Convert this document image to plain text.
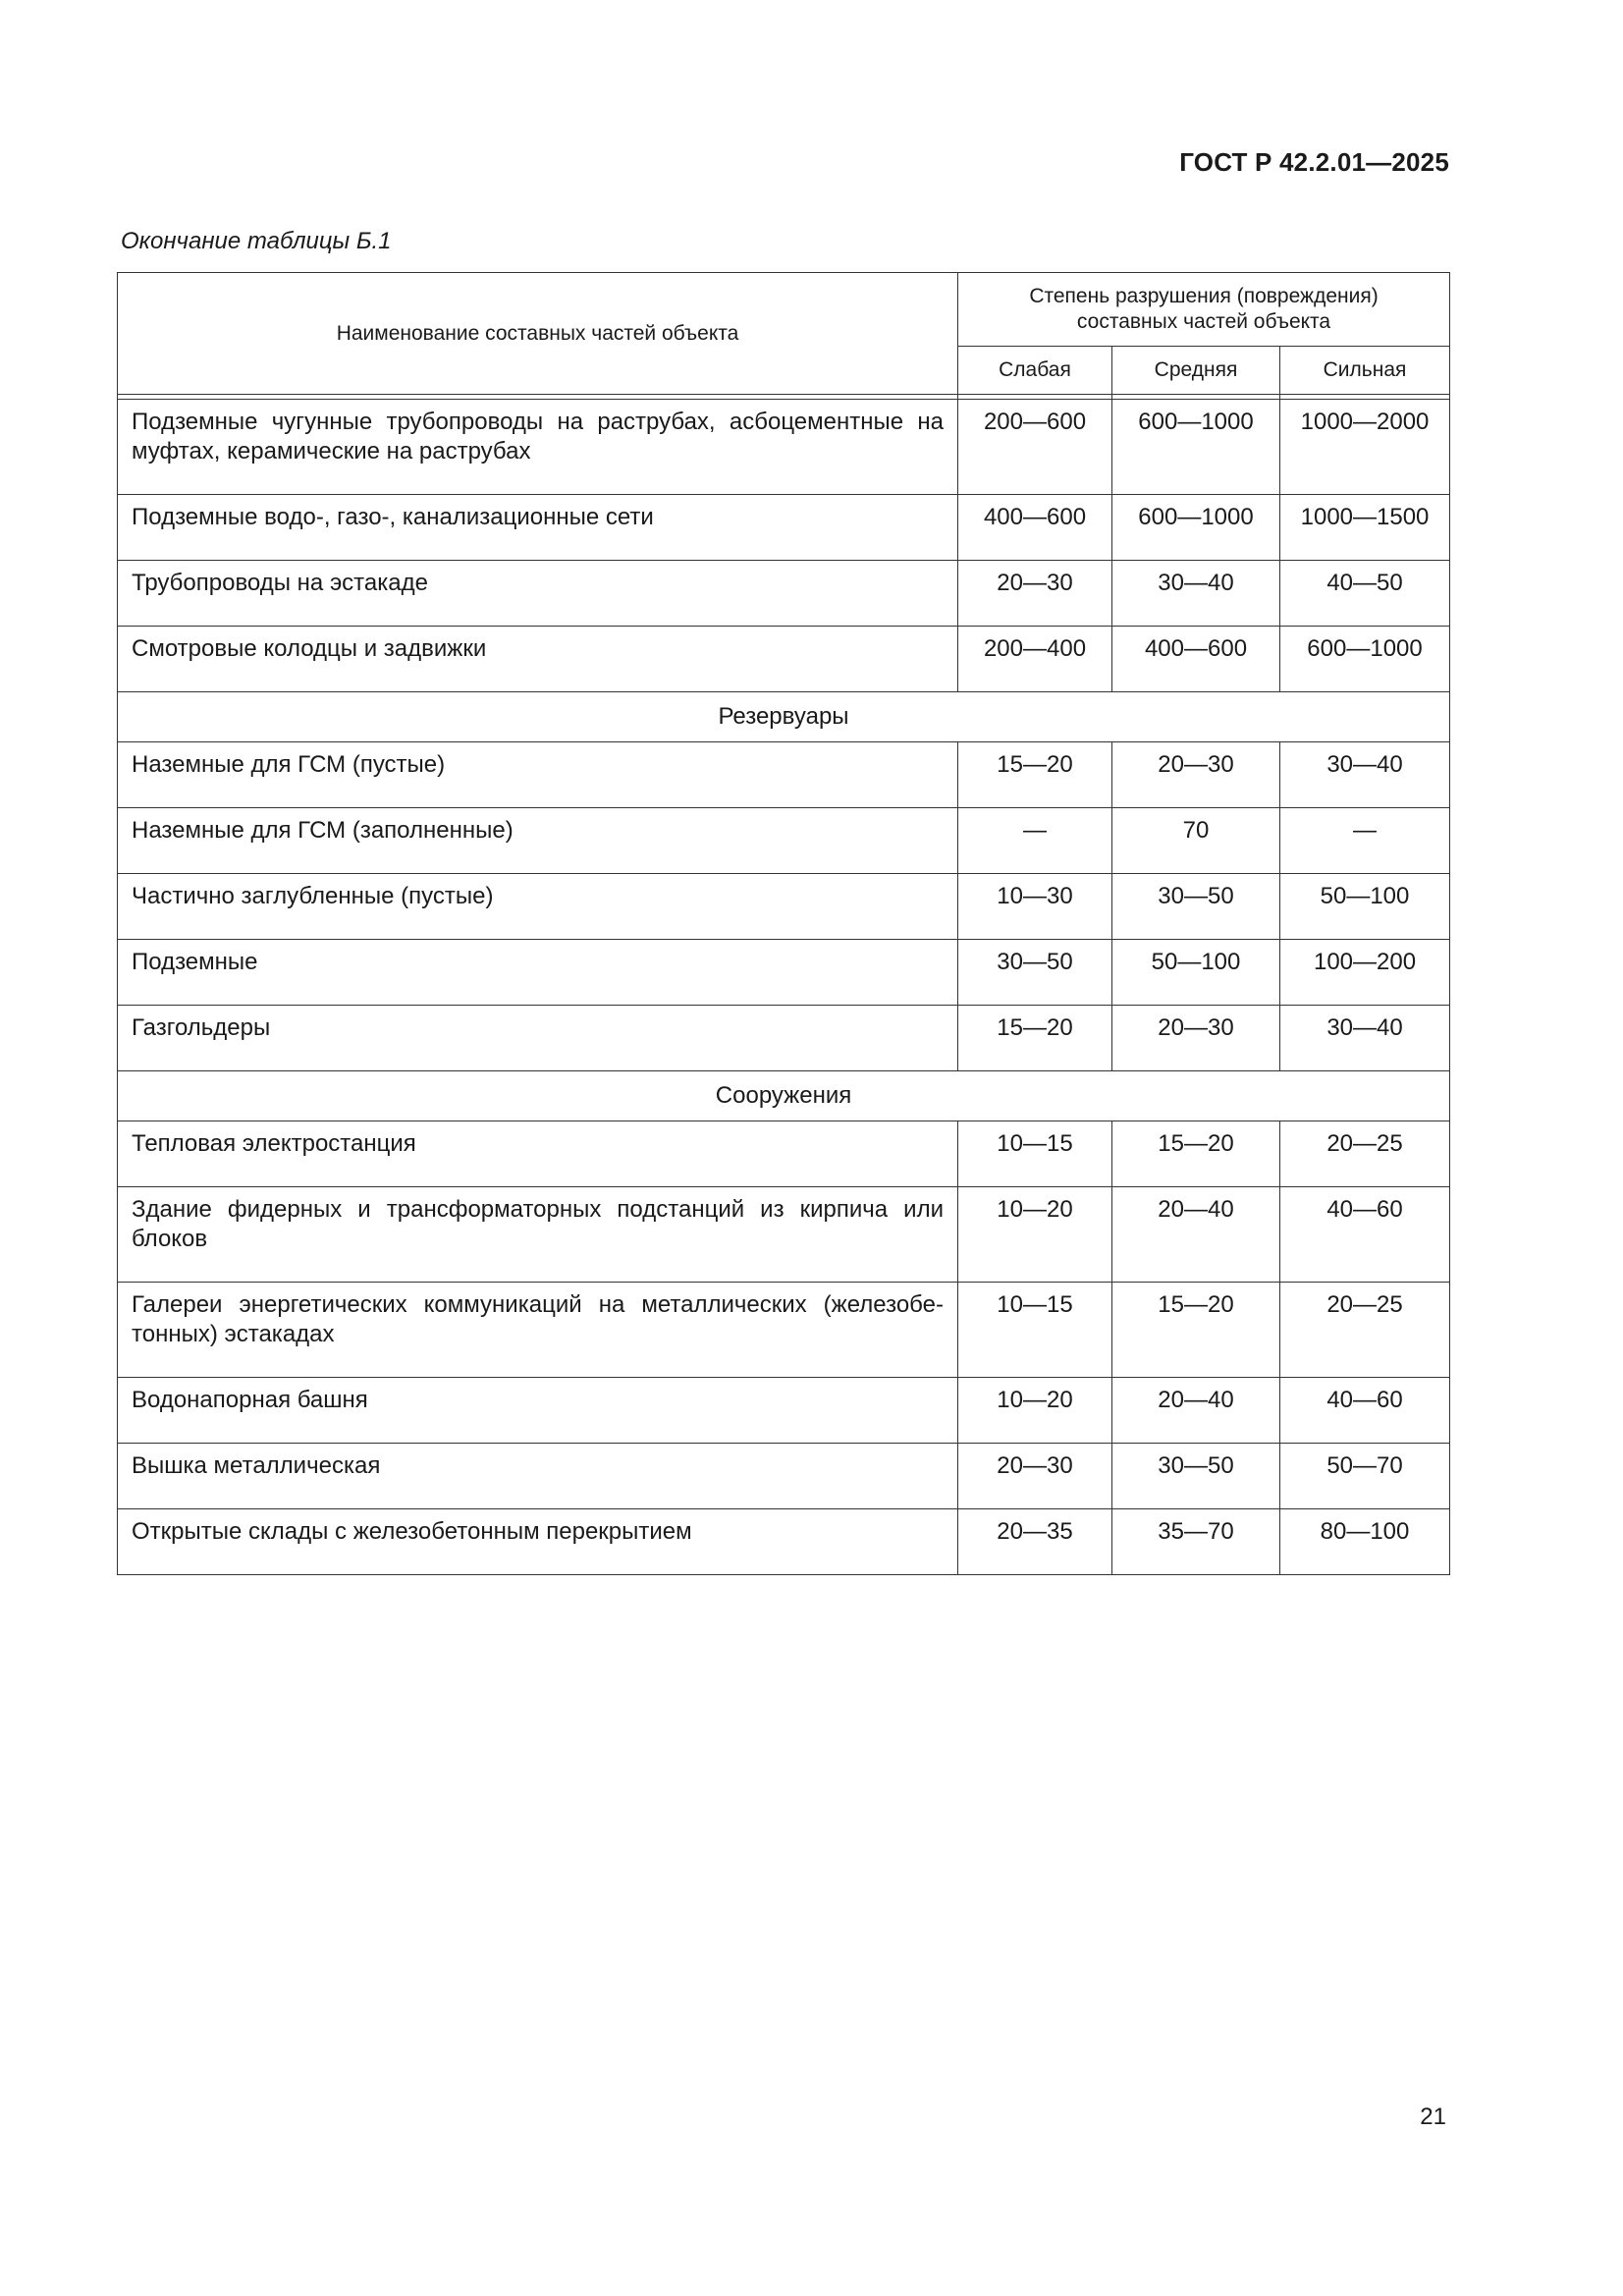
ГОСТ Р 42.2.01—2025
Окончание таблицы Б.1
Наименование составных частей объекта	Степень разрушения (повреждения) составных частей объекта		

	Слабая	Средняя	Сильная

Подземные чугунные трубопроводы на раструбах, асбоцементные на муфтах, керамические на раструбах	200—600	600—1000	1000—2000
Подземные водо-, газо-, канализационные сети	400—600	600—1000	1000—1500
Трубопроводы на эстакаде	20—30	30—40	40—50
Смотровые колодцы и задвижки	200—400	400—600	600—1000
Резервуары			
Наземные для ГСМ (пустые)	15—20	20—30	30—40
Наземные для ГСМ (заполненные)	—	70	—
Частично заглубленные (пустые)	10—30	30—50	50—100
Подземные	30—50	50—100	100—200
Газгольдеры	15—20	20—30	30—40
Сооружения			
Тепловая электростанция	10—15	15—20	20—25
Здание фидерных и трансформаторных подстанций из кирпича или блоков	10—20	20—40	40—60
Галереи энергетических коммуникаций на металлических (железобе- тонных) эстакадах	10—15	15—20	20—25
Водонапорная башня	10—20	20—40	40—60
Вышка металлическая	20—30	30—50	50—70
Открытые склады с железобетонным перекрытием	20—35	35—70	80—100
21
